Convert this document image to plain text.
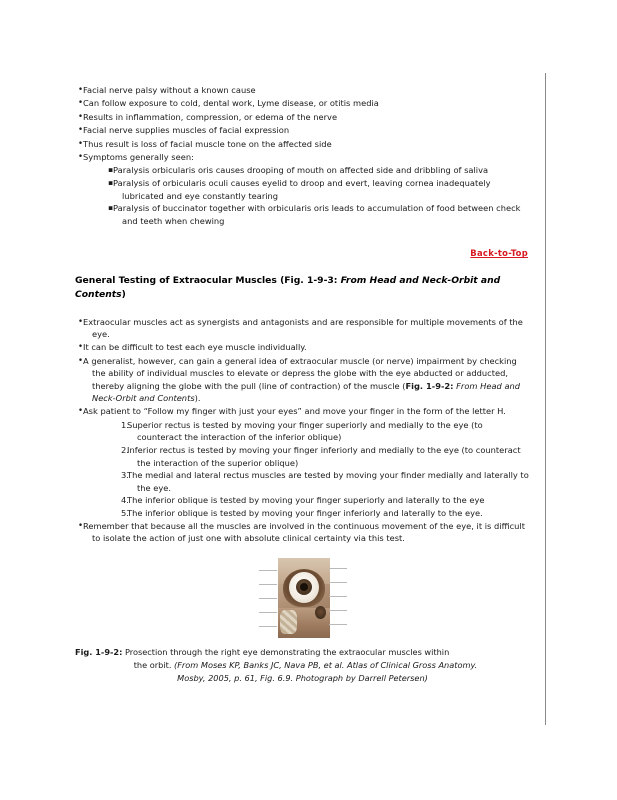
• Facial nerve palsy without a known cause
• Can follow exposure to cold, dental work, Lyme disease, or otitis media
• Results in inflammation, compression, or edema of the nerve
• Facial nerve supplies muscles of facial expression
• Thus result is loss of facial muscle tone on the affected side
• Symptoms generally seen:
▪ Paralysis orbicularis oris causes drooping of mouth on affected side and dribbling of saliva
▪ Paralysis of orbicularis oculi causes eyelid to droop and evert, leaving cornea inadequately lubricated and eye constantly tearing
▪ Paralysis of buccinator together with orbicularis oris leads to accumulation of food between check and teeth when chewing
Back-to-Top
General Testing of Extraocular Muscles (Fig. 1-9-3: From Head and Neck-Orbit and Contents)
• Extraocular muscles act as synergists and antagonists and are responsible for multiple movements of the eye.
• It can be difficult to test each eye muscle individually.
• A generalist, however, can gain a general idea of extraocular muscle (or nerve) impairment by checking the ability of individual muscles to elevate or depress the globe with the eye abducted or adducted, thereby aligning the globe with the pull (line of contraction) of the muscle (Fig. 1-9-2: From Head and Neck-Orbit and Contents).
• Ask patient to “Follow my finger with just your eyes” and move your finger in the form of the letter H.
Superior rectus is tested by moving your finger superiorly and medially to the eye (to counteract the interaction of the inferior oblique)
Inferior rectus is tested by moving your finger inferiorly and medially to the eye (to counteract the interaction of the superior oblique)
The medial and lateral rectus muscles are tested by moving your finder medially and laterally to the eye.
The inferior oblique is tested by moving your finger superiorly and laterally to the eye
The inferior oblique is tested by moving your finger inferiorly and laterally to the eye.
• Remember that because all the muscles are involved in the continuous movement of the eye, it is difficult to isolate the action of just one with absolute clinical certainty via this test.
Fig. 1-9-2: Prosection through the right eye demonstrating the extraocular muscles within
the orbit. (From Moses KP, Banks JC, Nava PB, et al. Atlas of Clinical Gross Anatomy.
Mosby, 2005, p. 61, Fig. 6.9. Photograph by Darrell Petersen)
